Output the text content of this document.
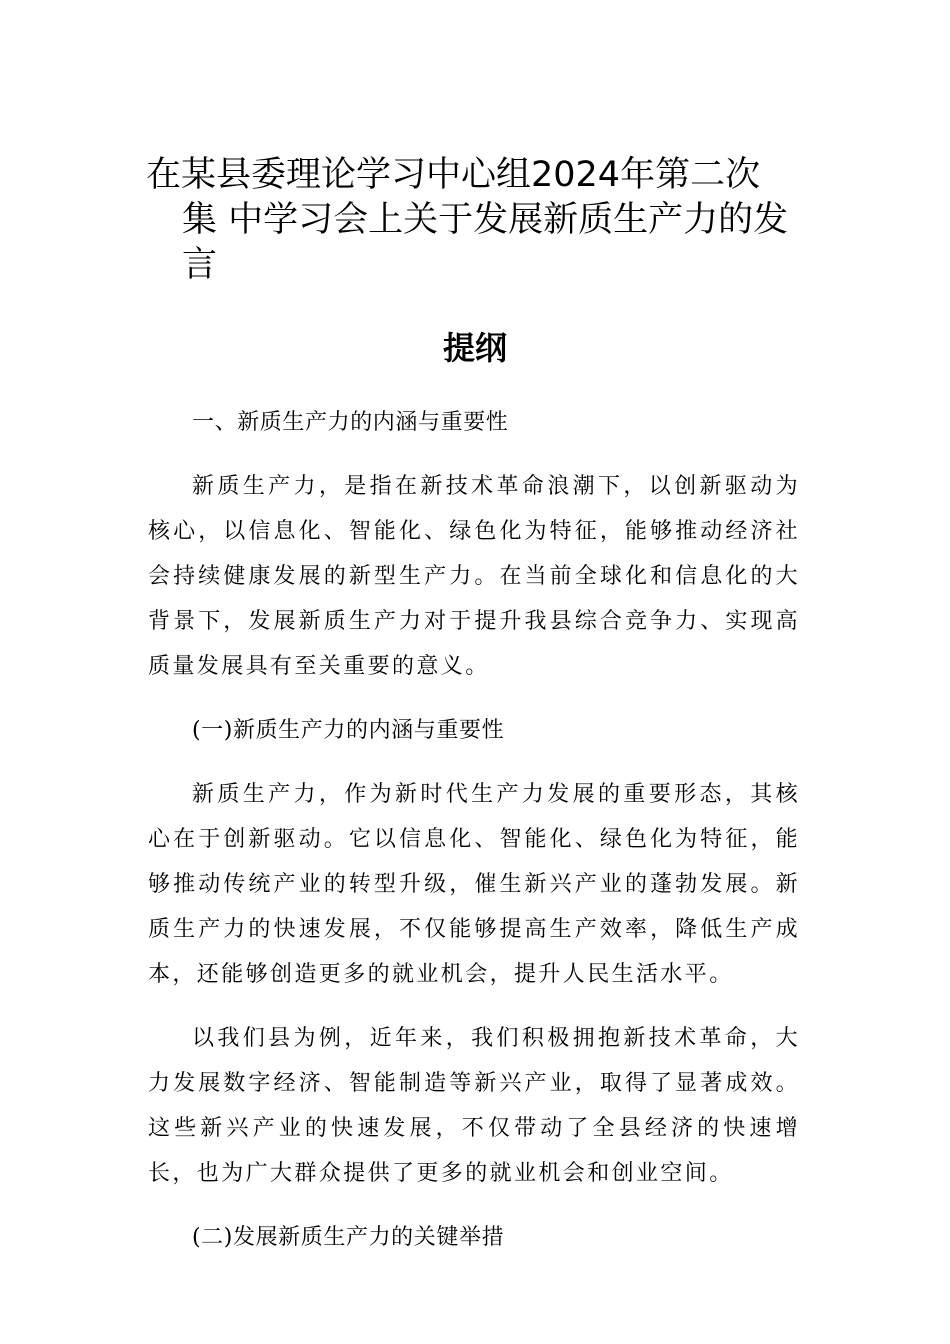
在某县委理论学习中心组2024年第二次
集 中学习会上关于发展新质生产力的发
言
提纲

一、新质生产力的内涵与重要性

新质生产力，是指在新技术革命浪潮下，以创新驱动为核心，以信息化、智能化、绿色化为特征，能够推动经济社会持续健康发展的新型生产力。在当前全球化和信息化的大背景下，发展新质生产力对于提升我县综合竞争力、实现高质量发展具有至关重要的意义。

(一)新质生产力的内涵与重要性

新质生产力，作为新时代生产力发展的重要形态，其核心在于创新驱动。它以信息化、智能化、绿色化为特征，能够推动传统产业的转型升级，催生新兴产业的蓬勃发展。新质生产力的快速发展，不仅能够提高生产效率，降低生产成本，还能够创造更多的就业机会，提升人民生活水平。

以我们县为例，近年来，我们积极拥抱新技术革命，大力发展数字经济、智能制造等新兴产业，取得了显著成效。这些新兴产业的快速发展，不仅带动了全县经济的快速增长，也为广大群众提供了更多的就业机会和创业空间。

(二)发展新质生产力的关键举措
